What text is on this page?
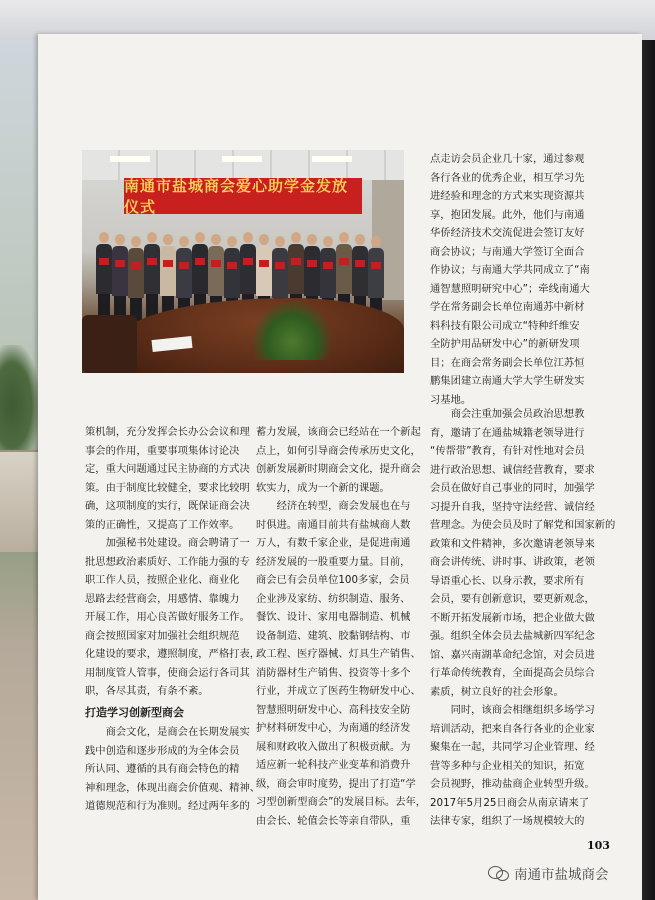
南通市盐城商会爱心助学金发放仪式

点走访会员企业几十家，通过参观

各行各业的优秀企业，相互学习先

进经验和理念的方式来实现资源共

享，抱团发展。此外，他们与南通

华侨经济技术交流促进会签订友好

商会协议；与南通大学签订全面合

作协议；与南通大学共同成立了“南

通智慧照明研究中心”；牵线南通大

学在常务副会长单位南通苏中新材

料科技有限公司成立“特种纤维安

全防护用品研发中心”的新研发项

目；在商会常务副会长单位江苏恒

鹏集团建立南通大学大学生研发实

习基地。

策机制，充分发挥会长办公会议和理

事会的作用，重要事项集体讨论决

定，重大问题通过民主协商的方式决

策。由于制度比较健全，要求比较明

确，这项制度的实行，既保证商会决

策的正确性，又提高了工作效率。

　　加强秘书处建设。商会聘请了一

批思想政治素质好、工作能力强的专

职工作人员，按照企业化、商业化

思路去经营商会，用感情、靠魄力

开展工作，用心良苦做好服务工作。

商会按照国家对加强社会组织规范

化建设的要求，遵照制度，严格打表，

用制度管人管事，使商会运行各司其

职，各尽其责，有条不紊。

打造学习创新型商会

　　商会文化，是商会在长期发展实

践中创造和逐步形成的为全体会员

所认同、遵循的具有商会特色的精

神和理念，体现出商会价值观、精神、

道德规范和行为准则。经过两年多的

蓄力发展，该商会已经站在一个新起

点上，如何引导商会传承历史文化，

创新发展新时期商会文化，提升商会

软实力，成为一个新的课题。

　　经济在转型，商会发展也在与

时俱进。南通目前共有盐城商人数

万人，有数千家企业，是促进南通

经济发展的一股重要力量。目前，

商会已有会员单位100多家，会员

企业涉及家纺、纺织制造、服务、

餐饮、设计、家用电器制造、机械

设备制造、建筑、胶黏钢结构、市

政工程、医疗器械、灯具生产销售、

消防器材生产销售、投资等十多个

行业，并成立了医药生物研发中心、

智慧照明研发中心、高科技安全防

护材料研发中心，为南通的经济发

展和财政收入做出了积极贡献。为

适应新一轮科技产业变革和消费升

级，商会审时度势，提出了打造“学

习型创新型商会”的发展目标。去年，

由会长、轮值会长等亲自带队，重

　　商会注重加强会员政治思想教

育，邀请了在通盐城籍老领导进行

“传帮带”教育，有针对性地对会员

进行政治思想、诚信经营教育，要求

会员在做好自己事业的同时，加强学

习提升自我，坚持守法经营、诚信经

营理念。为使会员及时了解党和国家新的

政策和文件精神，多次邀请老领导来

商会讲传统、讲时事、讲政策，老领

导语重心长、以身示教，要求所有

会员，要有创新意识，要更新观念，

不断开拓发展新市场，把企业做大做

强。组织全体会员去盐城新四军纪念

馆、嘉兴南湖革命纪念馆，对会员进

行革命传统教育，全面提高会员综合

素质，树立良好的社会形象。

　　同时，该商会相继组织多场学习

培训活动，把来自各行各业的企业家

聚集在一起，共同学习企业管理、经

营等多种与企业相关的知识，拓宽

会员视野，推动盐商企业转型升级。

2017年5月25日商会从南京请来了

法律专家，组织了一场规模较大的

103
南通市盐城商会
